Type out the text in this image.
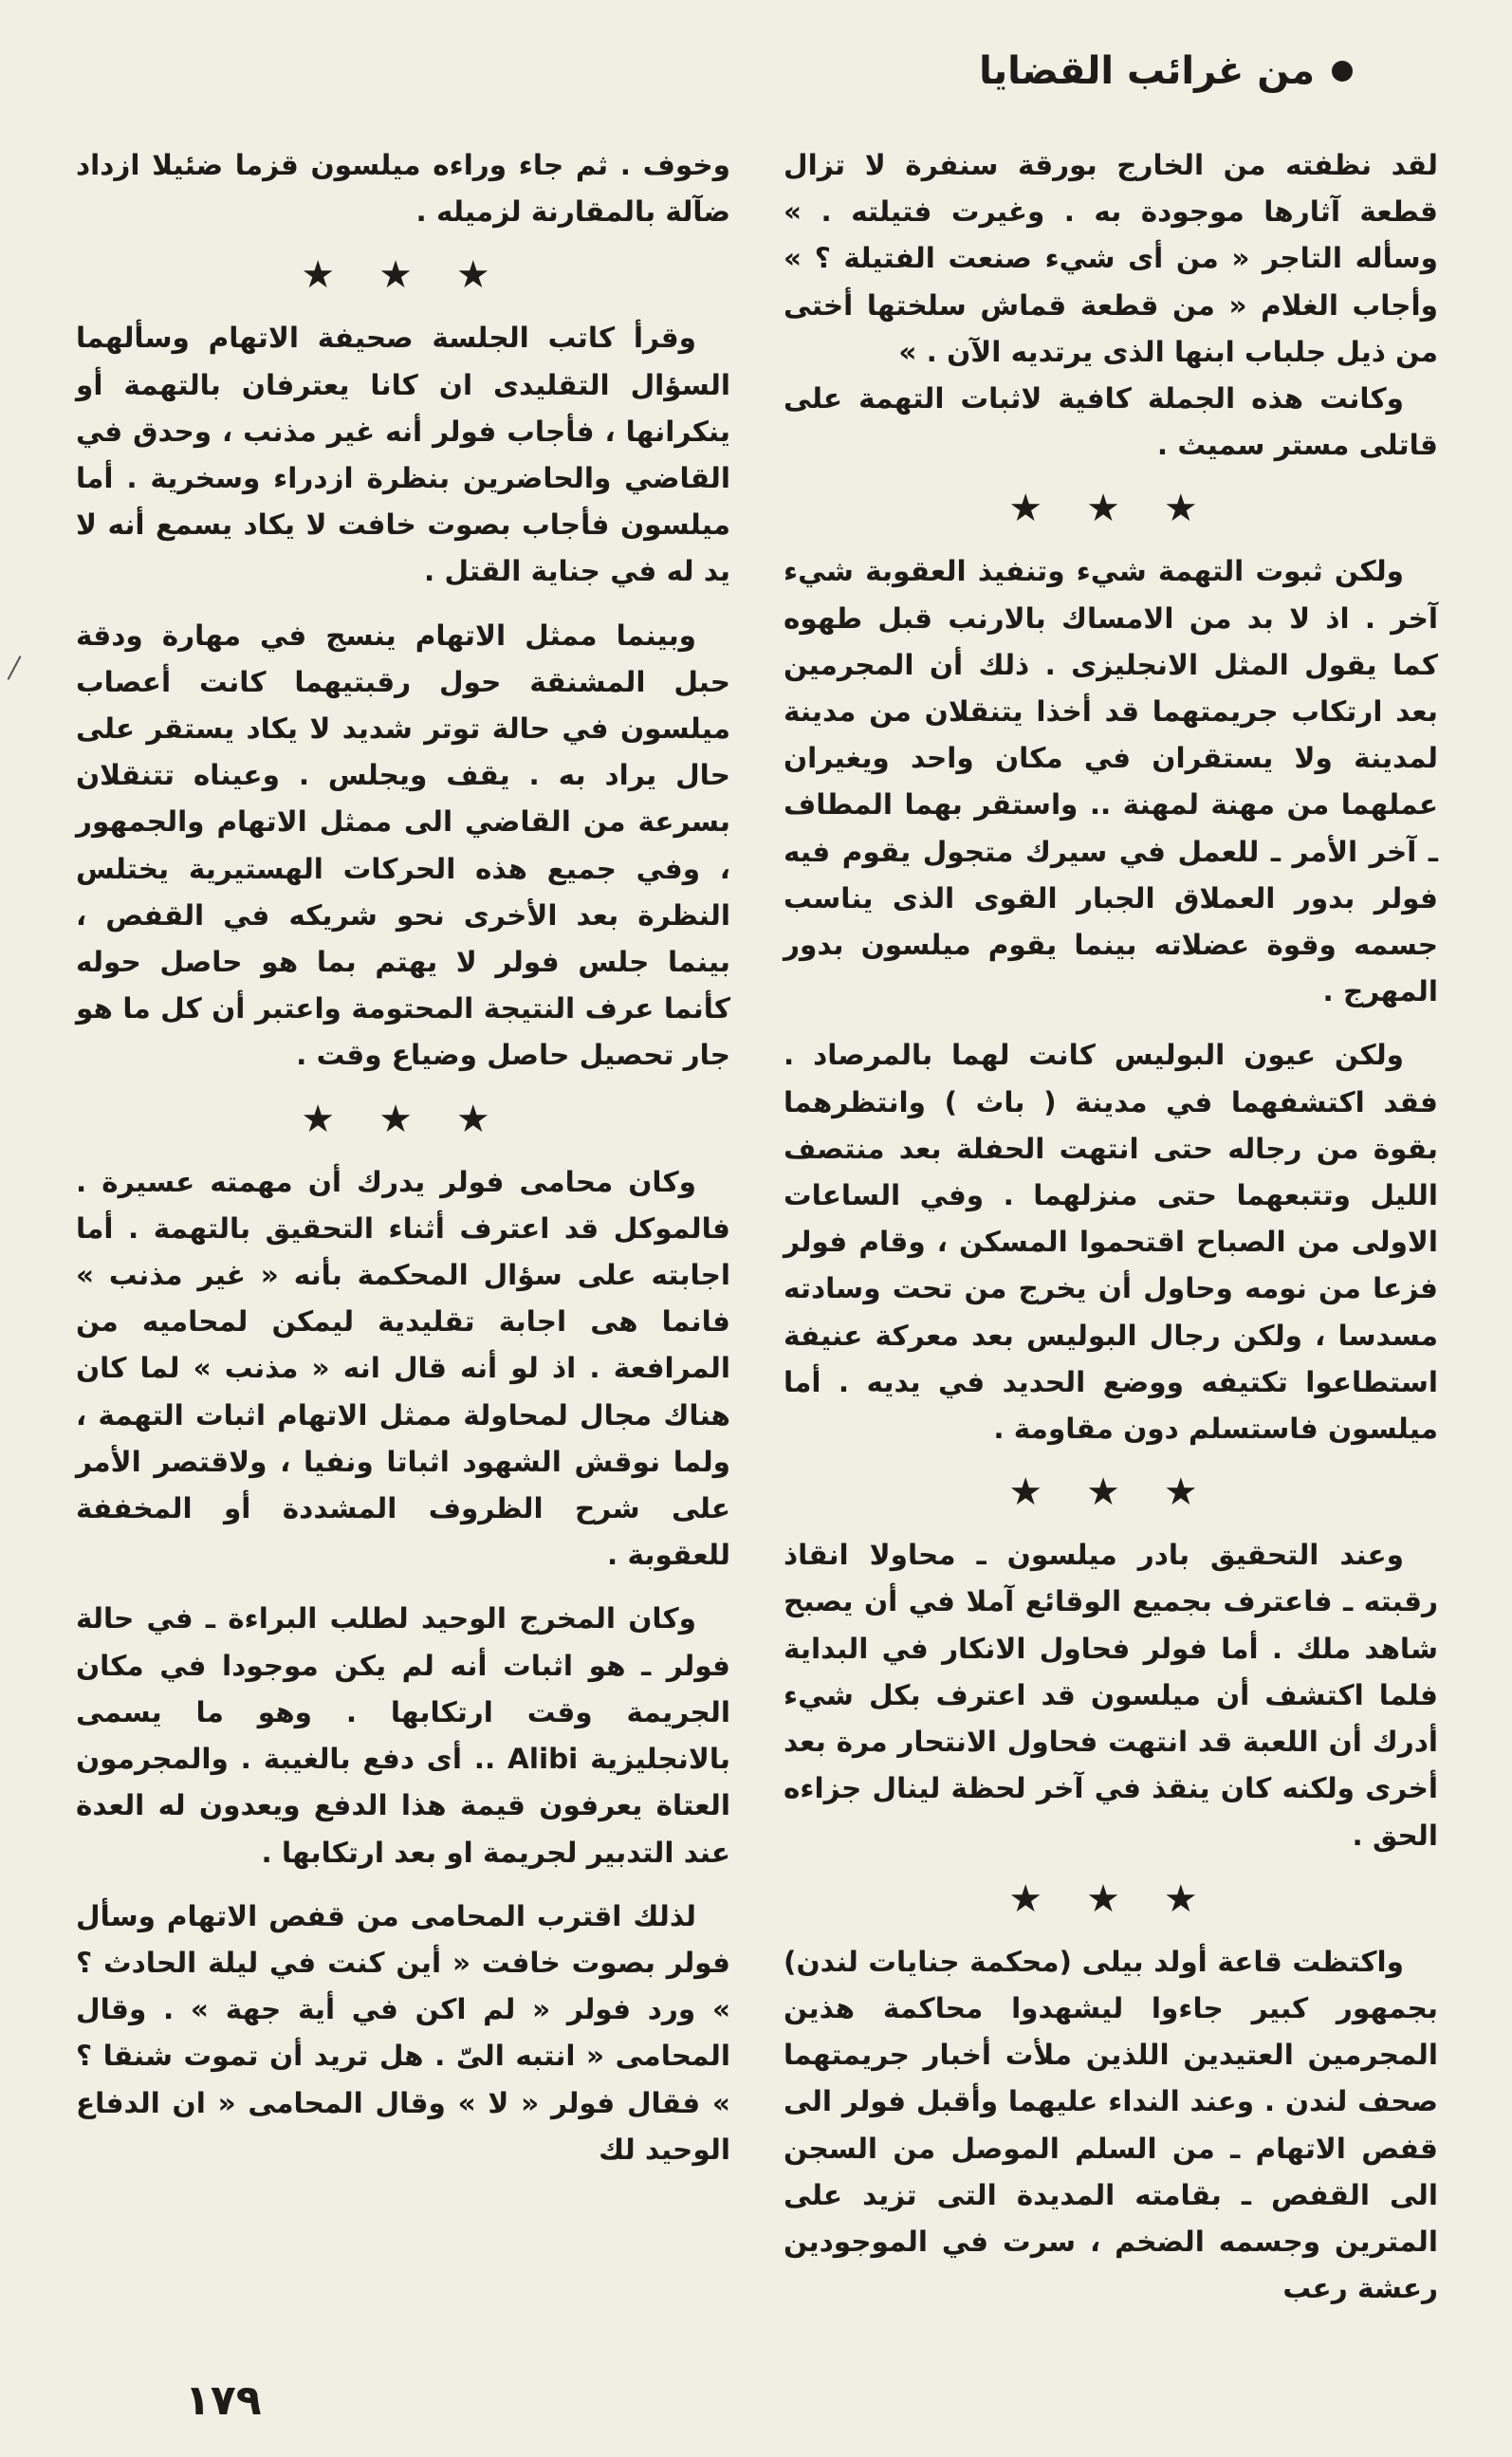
من غرائب القضايا

لقد نظفته من الخارج بورقة سنفرة لا تزال قطعة آثارها موجودة به . وغيرت فتيلته . » وسأله التاجر « من أى شيء صنعت الفتيلة ؟ » وأجاب الغلام « من قطعة قماش سلختها أختى من ذيل جلباب ابنها الذى يرتديه الآن . »

وكانت هذه الجملة كافية لاثبات التهمة على قاتلى مستر سميث .

★ ★ ★

ولكن ثبوت التهمة شيء وتنفيذ العقوبة شيء آخر . اذ لا بد من الامساك بالارنب قبل طهوه كما يقول المثل الانجليزى . ذلك أن المجرمين بعد ارتكاب جريمتهما قد أخذا يتنقلان من مدينة لمدينة ولا يستقران في مكان واحد ويغيران عملهما من مهنة لمهنة .. واستقر بهما المطاف ـ آخر الأمر ـ للعمل في سيرك متجول يقوم فيه فولر بدور العملاق الجبار القوى الذى يناسب جسمه وقوة عضلاته بينما يقوم ميلسون بدور المهرج .

ولكن عيون البوليس كانت لهما بالمرصاد . فقد اكتشفهما في مدينة ( باث ) وانتظرهما بقوة من رجاله حتى انتهت الحفلة بعد منتصف الليل وتتبعهما حتى منزلهما . وفي الساعات الاولى من الصباح اقتحموا المسكن ، وقام فولر فزعا من نومه وحاول أن يخرج من تحت وسادته مسدسا ، ولكن رجال البوليس بعد معركة عنيفة استطاعوا تكتيفه ووضع الحديد في يديه . أما ميلسون فاستسلم دون مقاومة .

★ ★ ★

وعند التحقيق بادر ميلسون ـ محاولا انقاذ رقبته ـ فاعترف بجميع الوقائع آملا في أن يصبح شاهد ملك . أما فولر فحاول الانكار في البداية فلما اكتشف أن ميلسون قد اعترف بكل شيء أدرك أن اللعبة قد انتهت فحاول الانتحار مرة بعد أخرى ولكنه كان ينقذ في آخر لحظة لينال جزاءه الحق .

★ ★ ★

واكتظت قاعة أولد بيلى (محكمة جنايات لندن) بجمهور كبير جاءوا ليشهدوا محاكمة هذين المجرمين العتيدين اللذين ملأت أخبار جريمتهما صحف لندن . وعند النداء عليهما وأقبل فولر الى قفص الاتهام ـ من السلم الموصل من السجن الى القفص ـ بقامته المديدة التى تزيد على المترين وجسمه الضخم ، سرت في الموجودين رعشة رعب

وخوف . ثم جاء وراءه ميلسون قزما ضئيلا ازداد ضآلة بالمقارنة لزميله .

★ ★ ★

وقرأ كاتب الجلسة صحيفة الاتهام وسألهما السؤال التقليدى ان كانا يعترفان بالتهمة أو ينكرانها ، فأجاب فولر أنه غير مذنب ، وحدق في القاضي والحاضرين بنظرة ازدراء وسخرية . أما ميلسون فأجاب بصوت خافت لا يكاد يسمع أنه لا يد له في جناية القتل .

وبينما ممثل الاتهام ينسج في مهارة ودقة حبل المشنقة حول رقبتيهما كانت أعصاب ميلسون في حالة توتر شديد لا يكاد يستقر على حال يراد به . يقف ويجلس . وعيناه تتنقلان بسرعة من القاضي الى ممثل الاتهام والجمهور ، وفي جميع هذه الحركات الهستيرية يختلس النظرة بعد الأخرى نحو شريكه في القفص ، بينما جلس فولر لا يهتم بما هو حاصل حوله كأنما عرف النتيجة المحتومة واعتبر أن كل ما هو جار تحصيل حاصل وضياع وقت .

★ ★ ★

وكان محامى فولر يدرك أن مهمته عسيرة . فالموكل قد اعترف أثناء التحقيق بالتهمة . أما اجابته على سؤال المحكمة بأنه « غير مذنب » فانما هى اجابة تقليدية ليمكن لمحاميه من المرافعة . اذ لو أنه قال انه « مذنب » لما كان هناك مجال لمحاولة ممثل الاتهام اثبات التهمة ، ولما نوقش الشهود اثباتا ونفيا ، ولاقتصر الأمر على شرح الظروف المشددة أو المخففة للعقوبة .

وكان المخرج الوحيد لطلب البراءة ـ في حالة فولر ـ هو اثبات أنه لم يكن موجودا في مكان الجريمة وقت ارتكابها . وهو ما يسمى بالانجليزية Alibi .. أى دفع بالغيبة . والمجرمون العتاة يعرفون قيمة هذا الدفع ويعدون له العدة عند التدبير لجريمة او بعد ارتكابها .

لذلك اقترب المحامى من قفص الاتهام وسأل فولر بصوت خافت « أين كنت في ليلة الحادث ؟ » ورد فولر « لم اكن في أية جهة » . وقال المحامى « انتبه الىّ . هل تريد أن تموت شنقا ؟ » فقال فولر « لا » وقال المحامى « ان الدفاع الوحيد لك

١٧٩
